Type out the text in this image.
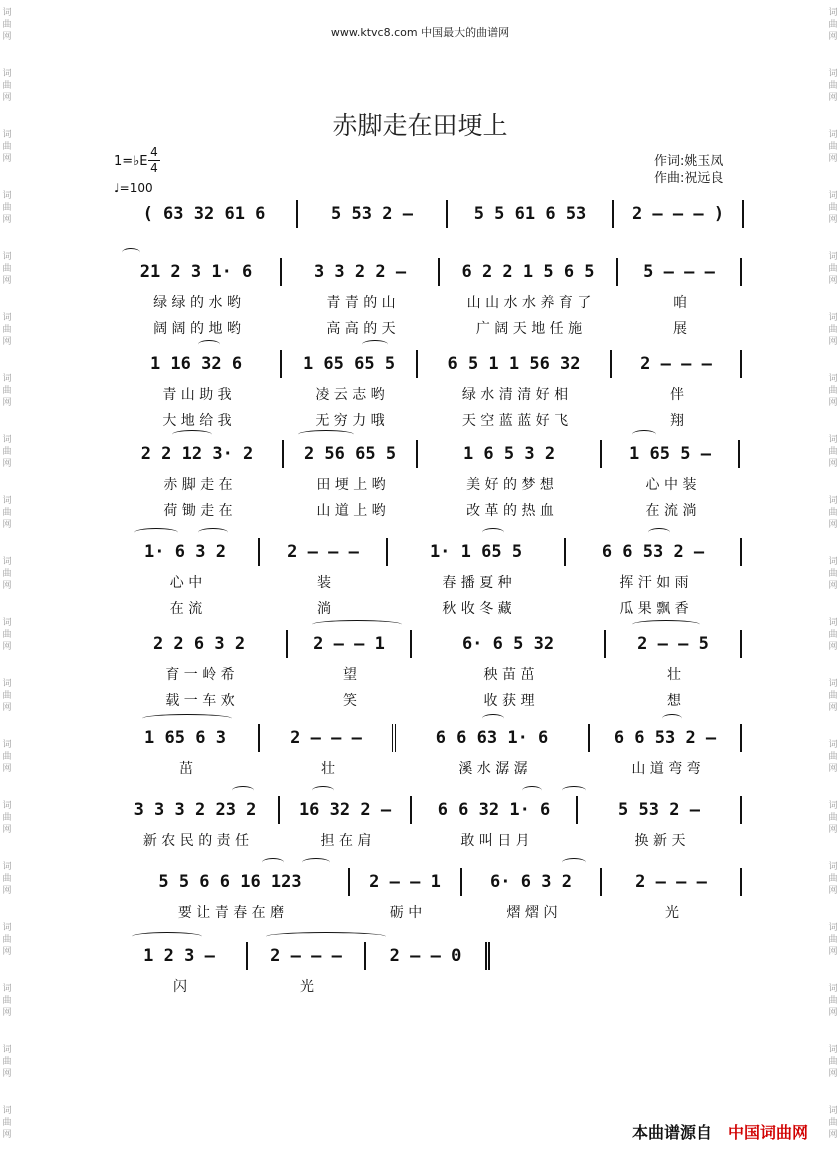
词
曲
网
词
曲
网
词
曲
网
词
曲
网
词
曲
网
词
曲
网
词
曲
网
词
曲
网
词
曲
网
词
曲
网
词
曲
网
词
曲
网
词
曲
网
词
曲
网
词
曲
网
词
曲
网
词
曲
网
词
曲
网
词
曲
网
词
曲
网
词
曲
网
词
曲
网
词
曲
网
词
曲
网
词
曲
网
词
曲
网
词
曲
网
词
曲
网
词
曲
网
词
曲
网
词
曲
网
词
曲
网
词
曲
网
词
曲
网
词
曲
网
词
曲
网
词
曲
网
词
曲
网
www.ktvc8.com 中国最大的曲谱网
赤脚走在田埂上
1=♭E
4
4
♩=100
作词:姚玉凤
作曲:祝远良
( 63 32 61 6	5 53 2 –	5 5 61 6 53	2 – – – )
21 2 3 1· 6	3 3 2 2 –	6 2 2 1 5 6 5	5 – – –
绿 绿 的 水 哟	青 青 的 山	山 山 水 水 养 育 了	咱
阔 阔 的 地 哟	高 高 的 天	广 阔 天 地 任 施	展
1 16 32 6	1 65 65 5	6 5 1 1 56 32	2 – – –
青 山 助 我	凌 云 志 哟	绿 水 清 清 好 相	伴
大 地 给 我	无 穷 力 哦	天 空 蓝 蓝 好 飞	翔
2 2 12 3· 2	2 56 65 5	1 6 5 3 2	1 65 5 –
赤 脚 走 在	田 埂 上 哟	美 好 的 梦 想	心 中 装
荷 锄 走 在	山 道 上 哟	改 革 的 热 血	在 流 淌
1· 6 3 2	2 – – –	1· 1 65 5	6 6 53 2 –
心 中	装	春 播 夏 种	挥 汗 如 雨
在 流	淌	秋 收 冬 藏	瓜 果 飘 香
2 2 6 3 2	2 – – 1	6· 6 5 32	2 – – 5
育 一 岭 希	望	秧 苗 茁	壮
载 一 车 欢	笑	收 获 理	想
1 65 6 3	2 – – –	6 6 63 1· 6	6 6 53 2 –
茁	壮	溪 水 潺 潺	山 道 弯 弯
3 3 3 2 23 2	16 32 2 –	6 6 32 1· 6	5 53 2 –
新 农 民 的 责 任	担 在 肩	敢 叫 日 月	换 新 天
5 5 6 6 16 123	2 – – 1	6· 6 3 2	2 – – –
要 让 青 春 在 磨	砺 中	熠 熠 闪	光
1 2 3 –	2 – – –	2 – – 0
闪	光
本曲谱源自 中国词曲网
